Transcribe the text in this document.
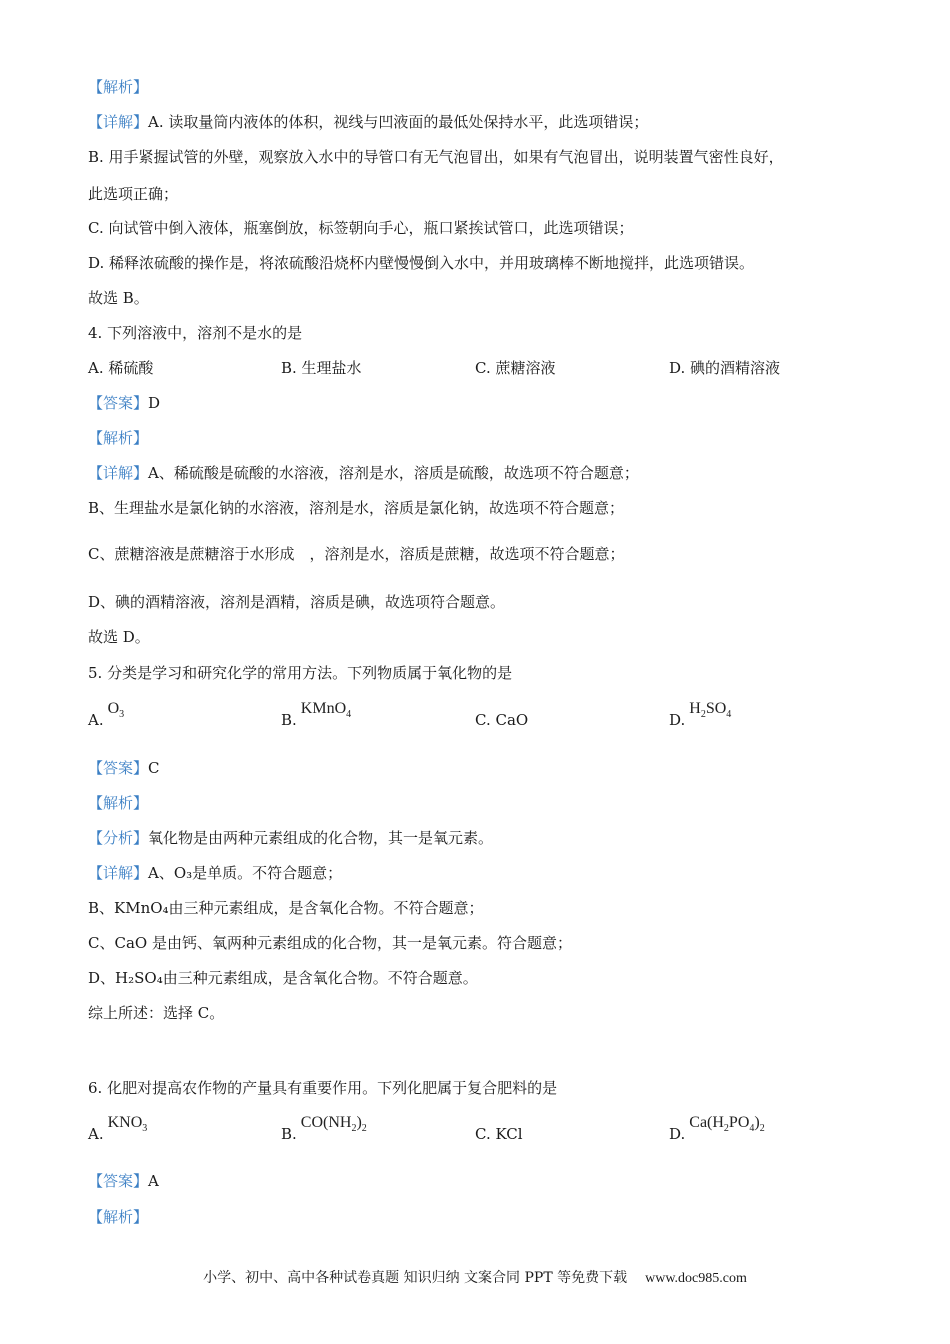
【解析】
【详解】A. 读取量筒内液体的体积，视线与凹液面的最低处保持水平，此选项错误；
B. 用手紧握试管的外壁，观察放入水中的导管口有无气泡冒出，如果有气泡冒出，说明装置气密性良好，
此选项正确；
C. 向试管中倒入液体，瓶塞倒放，标签朝向手心，瓶口紧挨试管口，此选项错误；
D. 稀释浓硫酸的操作是，将浓硫酸沿烧杯内壁慢慢倒入水中，并用玻璃棒不断地搅拌，此选项错误。
故选 B。
4. 下列溶液中，溶剂不是水的是
A. 稀硫酸	B. 生理盐水	C. 蔗糖溶液	D. 碘的酒精溶液
【答案】D
【解析】
【详解】A、稀硫酸是硫酸的水溶液，溶剂是水，溶质是硫酸，故选项不符合题意；
B、生理盐水是氯化钠的水溶液，溶剂是水，溶质是氯化钠，故选项不符合题意；
C、蔗糖溶液是蔗糖溶于水形成　，溶剂是水，溶质是蔗糖，故选项不符合题意；
D、碘的酒精溶液，溶剂是酒精，溶质是碘，故选项符合题意。
故选 D。
5. 分类是学习和研究化学的常用方法。下列物质属于氧化物的是
$A.O_3$	B.KMnO$_4$	C. CaO	$D.H_2SO_4$
【答案】C
【解析】
【分析】氧化物是由两种元素组成的化合物，其一是氧元素。
【详解】A、O₃是单质。不符合题意；
B、KMnO₄由三种元素组成，是含氧化合物。不符合题意；
C、CaO 是由钙、氧两种元素组成的化合物，其一是氧元素。符合题意；
D、H₂SO₄由三种元素组成，是含氧化合物。不符合题意。
综上所述：选择 C。
6. 化肥对提高农作物的产量具有重要作用。下列化肥属于复合肥料的是
$A.KNO_3$	$B.CO(NH_2)_2$	C. KCl	$D.Ca(H_2PO_4)_2$
【答案】A
【解析】
小学、初中、高中各种试卷真题 知识归纳 文案合同 PPT 等免费下载 www.doc985.com
